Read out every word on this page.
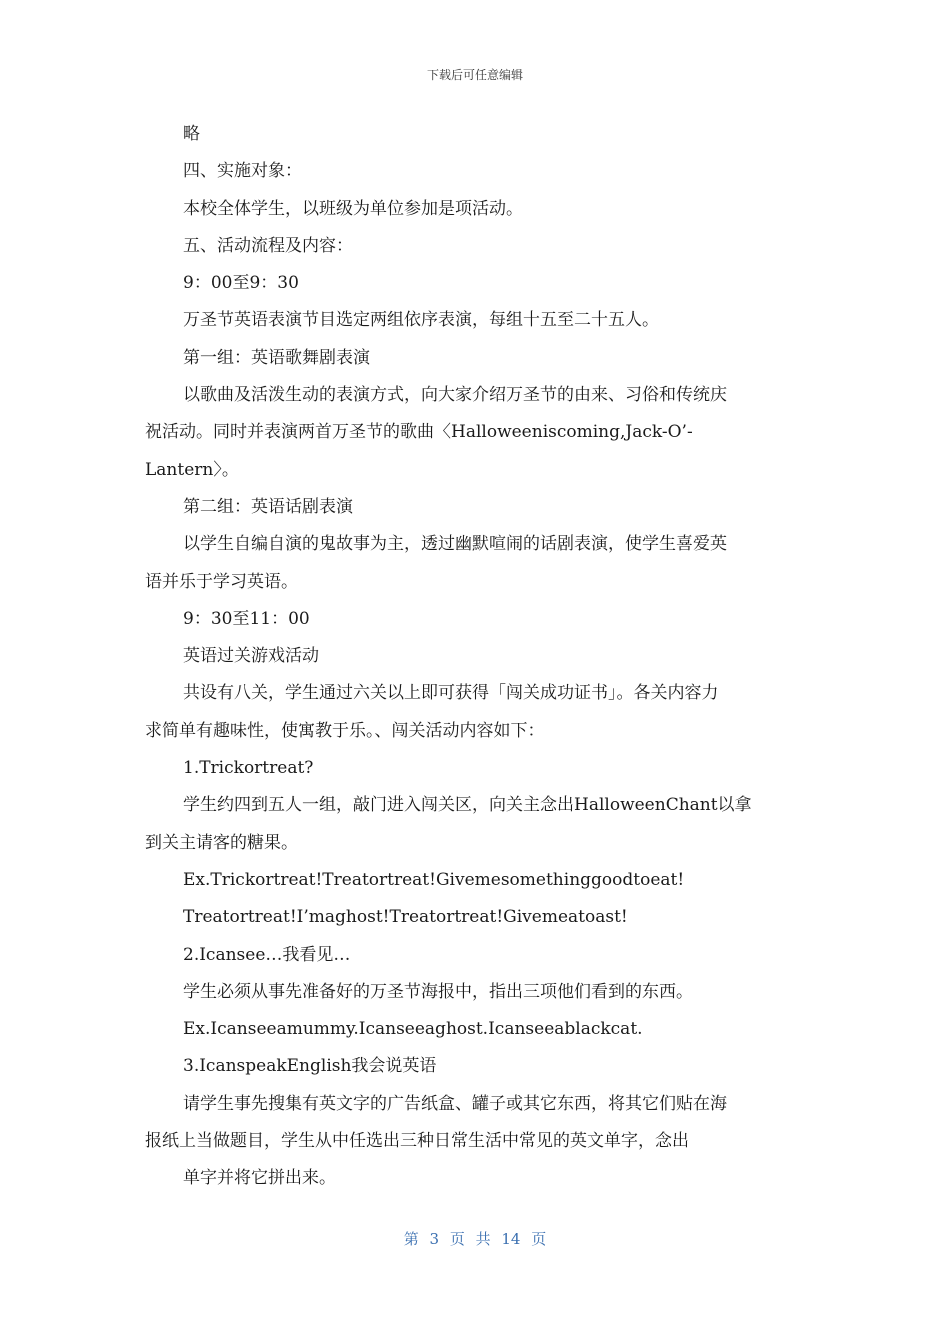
下载后可任意编辑
略
四、实施对象：
本校全体学生，以班级为单位参加是项活动。
五、活动流程及内容：
9：00至9：30
万圣节英语表演节目选定两组依序表演，每组十五至二十五人。
第一组：英语歌舞剧表演
以歌曲及活泼生动的表演方式，向大家介绍万圣节的由来、习俗和传统庆
祝活动。同时并表演两首万圣节的歌曲〈Halloweeniscoming,Jack-O’-
Lantern〉。
第二组：英语话剧表演
以学生自编自演的鬼故事为主，透过幽默喧闹的话剧表演，使学生喜爱英
语并乐于学习英语。
9：30至11：00
英语过关游戏活动
共设有八关，学生通过六关以上即可获得「闯关成功证书」。各关内容力
求简单有趣味性，使寓教于乐。、闯关活动内容如下：
1.Trickortreat?
学生约四到五人一组，敲门进入闯关区，向关主念出HalloweenChant以拿
到关主请客的糖果。
Ex.Trickortreat!Treatortreat!Givemesomethinggoodtoeat!
Treatortreat!I’maghost!Treatortreat!Givemeatoast!
2.Icansee…我看见…
学生必须从事先准备好的万圣节海报中，指出三项他们看到的东西。
Ex.Icanseeamummy.Icanseeaghost.Icanseeablackcat.
3.IcanspeakEnglish我会说英语
请学生事先搜集有英文字的广告纸盒、罐子或其它东西，将其它们贴在海
报纸上当做题目，学生从中任选出三种日常生活中常见的英文单字，念出
单字并将它拼出来。
第 3 页 共 14 页
